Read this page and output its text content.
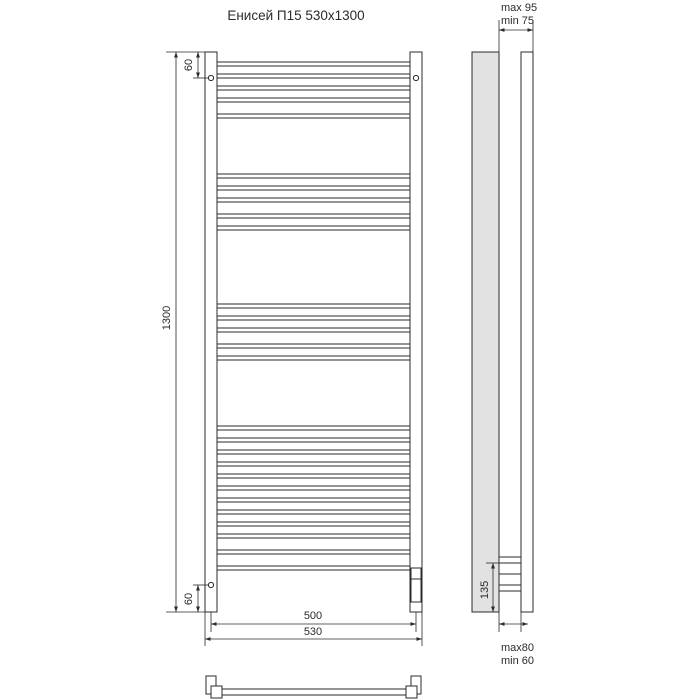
Енисей П15 530х1300
1300
60
60
500
530
max 95
min 75
135
max80
min 60
